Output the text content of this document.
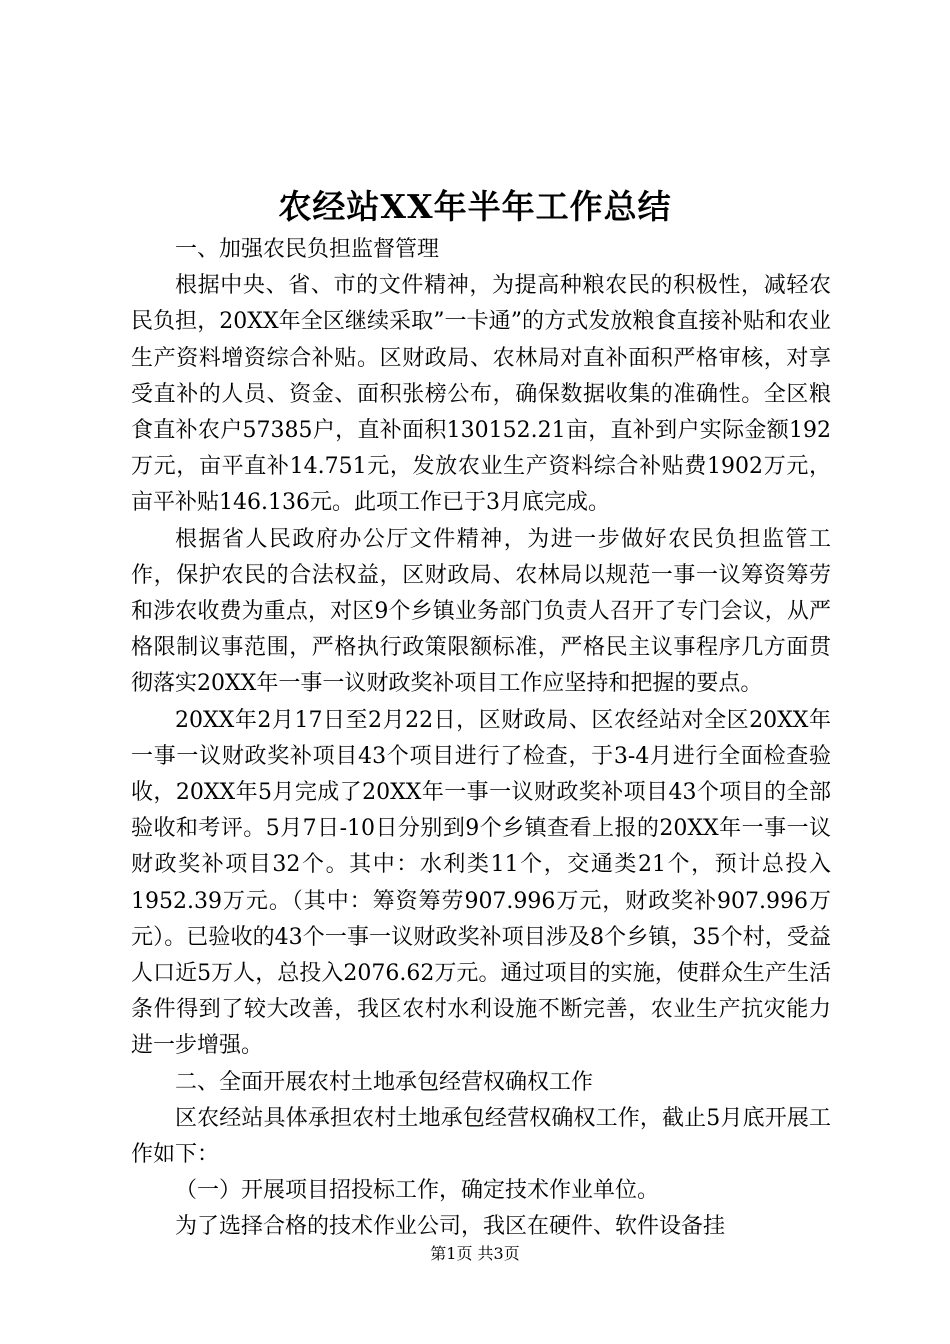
农经站XX年半年工作总结

一、加强农民负担监督管理

根据中央、省、市的文件精神，为提高种粮农民的积极性，减轻农民负担，20XX年全区继续采取”一卡通”的方式发放粮食直接补贴和农业生产资料增资综合补贴。区财政局、农林局对直补面积严格审核，对享受直补的人员、资金、面积张榜公布，确保数据收集的准确性。全区粮食直补农户57385户，直补面积130152.21亩，直补到户实际金额192万元，亩平直补14.751元，发放农业生产资料综合补贴费1902万元，亩平补贴146.136元。此项工作已于3月底完成。

根据省人民政府办公厅文件精神，为进一步做好农民负担监管工作，保护农民的合法权益，区财政局、农林局以规范一事一议筹资筹劳和涉农收费为重点，对区9个乡镇业务部门负责人召开了专门会议，从严格限制议事范围，严格执行政策限额标准，严格民主议事程序几方面贯彻落实20XX年一事一议财政奖补项目工作应坚持和把握的要点。

20XX年2月17日至2月22日，区财政局、区农经站对全区20XX年一事一议财政奖补项目43个项目进行了检查，于3-4月进行全面检查验收，20XX年5月完成了20XX年一事一议财政奖补项目43个项目的全部验收和考评。5月7日-10日分别到9个乡镇查看上报的20XX年一事一议财政奖补项目32个。其中：水利类11个，交通类21个，预计总投入1952.39万元。（其中：筹资筹劳907.996万元，财政奖补907.996万元）。已验收的43个一事一议财政奖补项目涉及8个乡镇，35个村，受益人口近5万人，总投入2076.62万元。通过项目的实施，使群众生产生活条件得到了较大改善，我区农村水利设施不断完善，农业生产抗灾能力进一步增强。

二、全面开展农村土地承包经营权确权工作

区农经站具体承担农村土地承包经营权确权工作，截止5月底开展工作如下：

（一）开展项目招投标工作，确定技术作业单位。

为了选择合格的技术作业公司，我区在硬件、软件设备挂

第1页 共3页
